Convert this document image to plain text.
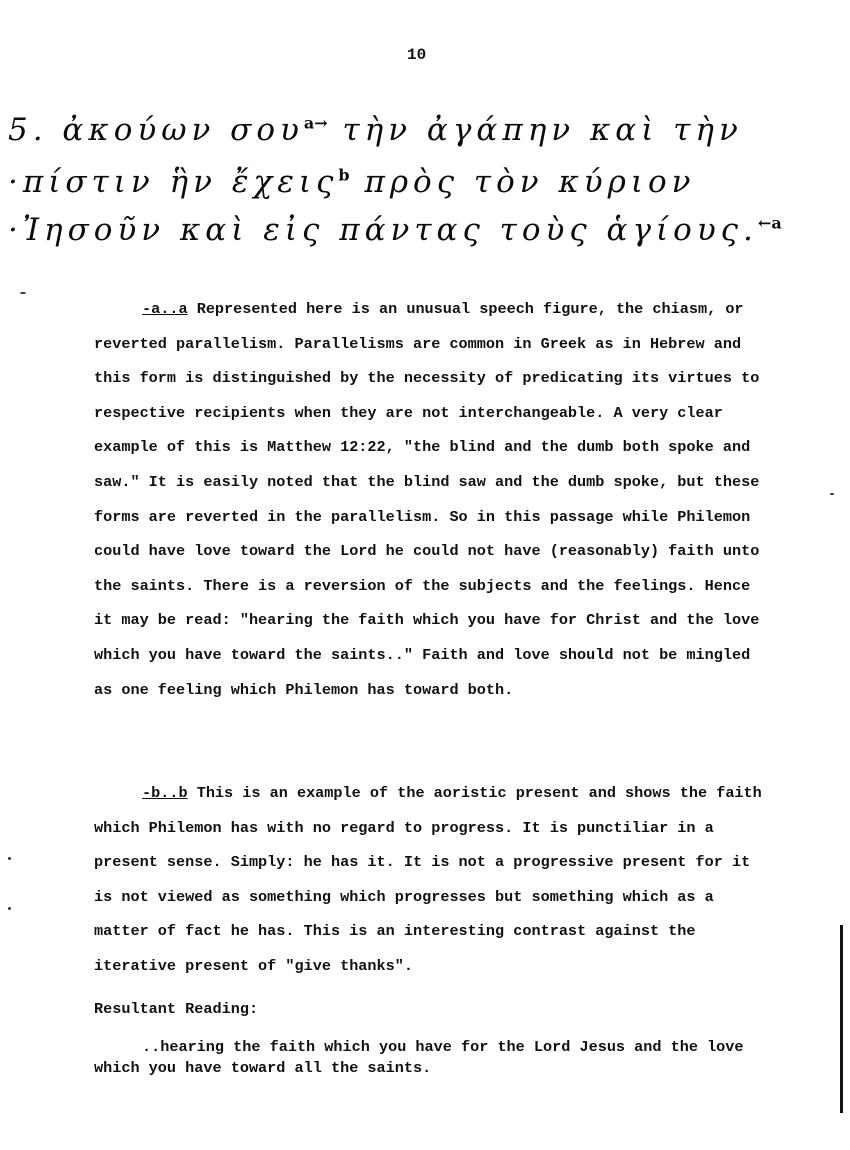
10
5. ἀκούων σου$^{a\to}$ τὴν ἀγάπην καὶ τὴν
·πίστιν ἣν ἔχεις$^b$ πρὸς τὸν κύριον
·Ἰησοῦν καὶ εἰς πάντας τοὺς ἁγίους.$^{\leftarrow a}$

-a..a Represented here is an unusual speech figure, the chiasm, or reverted parallelism. Parallelisms are common in Greek as in Hebrew and this form is distinguished by the necessity of predicating its virtues to respective recipients when they are not interchangeable. A very clear example of this is Matthew 12:22, "the blind and the dumb both spoke and saw." It is easily noted that the blind saw and the dumb spoke, but these forms are reverted in the parallelism. So in this passage while Philemon could have love toward the Lord he could not have (reasonably) faith unto the saints. There is a reversion of the subjects and the feelings. Hence it may be read: "hearing the faith which you have for Christ and the love which you have toward the saints.." Faith and love should not be mingled as one feeling which Philemon has toward both.

-b..b This is an example of the aoristic present and shows the faith which Philemon has with no regard to progress. It is punctiliar in a present sense. Simply: he has it. It is not a progressive present for it is not viewed as something which progresses but something which as a matter of fact he has. This is an interesting contrast against the iterative present of "give thanks".

Resultant Reading:

..hearing the faith which you have for the Lord Jesus and the love which you have toward all the saints.
